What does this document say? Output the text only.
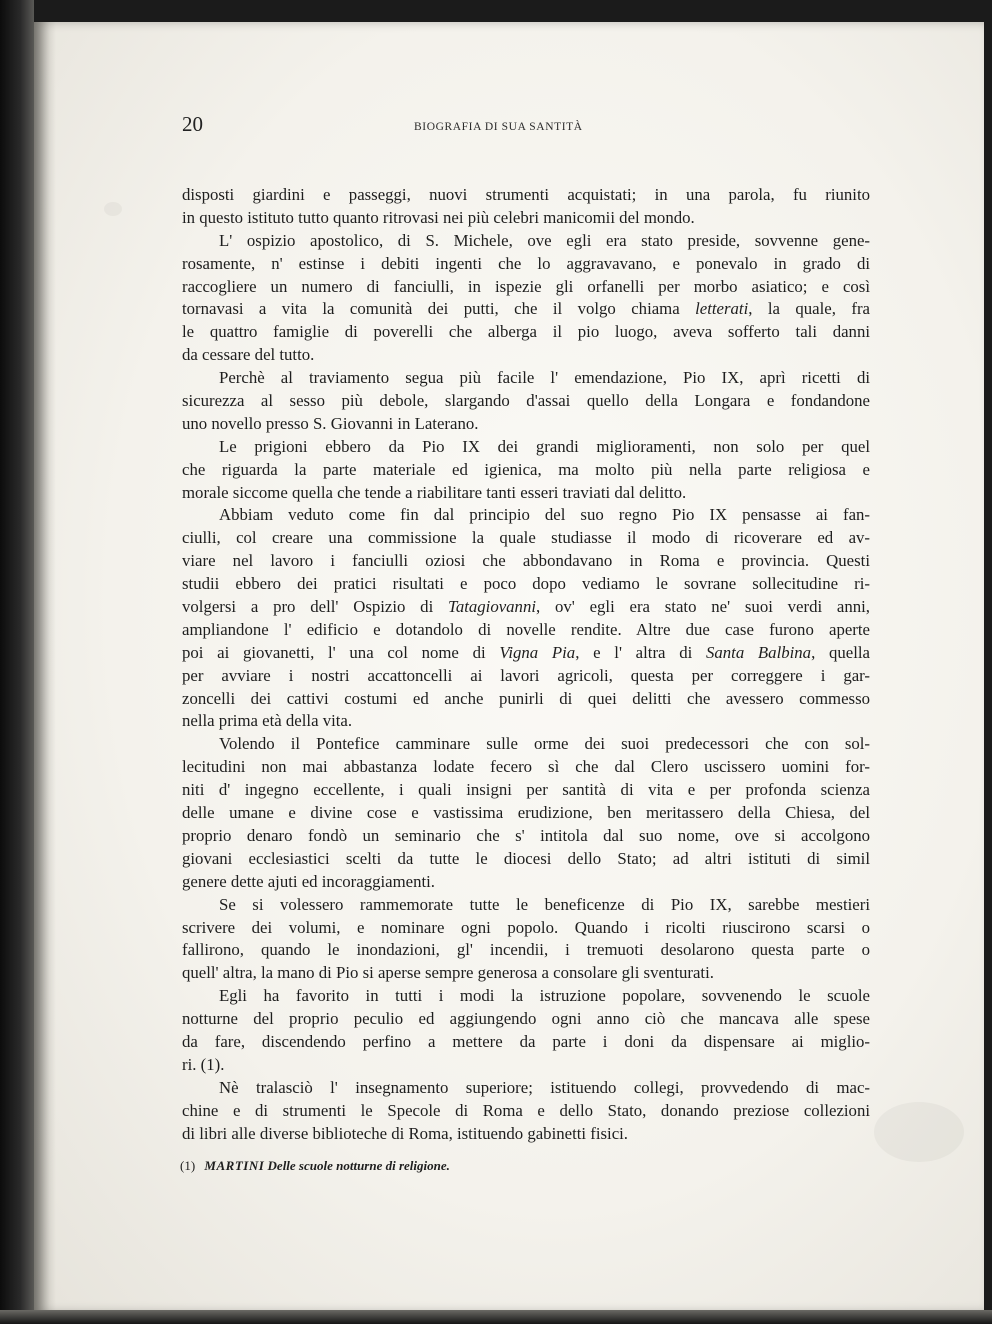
20	BIOGRAFIA DI SUA SANTITÀ
disposti giardini e passeggi, nuovi strumenti acquistati; in una parola, fu riunito
in questo istituto tutto quanto ritrovasi nei più celebri manicomii del mondo.
L' ospizio apostolico, di S. Michele, ove egli era stato preside, sovvenne gene-
rosamente, n' estinse i debiti ingenti che lo aggravavano, e ponevalo in grado di
raccogliere un numero di fanciulli, in ispezie gli orfanelli per morbo asiatico; e così
tornavasi a vita la comunità dei putti, che il volgo chiama letterati, la quale, fra
le quattro famiglie di poverelli che alberga il pio luogo, aveva sofferto tali danni
da cessare del tutto.
Perchè al traviamento segua più facile l' emendazione, Pio IX, aprì ricetti di
sicurezza al sesso più debole, slargando d'assai quello della Longara e fondandone
uno novello presso S. Giovanni in Laterano.
Le prigioni ebbero da Pio IX dei grandi miglioramenti, non solo per quel
che riguarda la parte materiale ed igienica, ma molto più nella parte religiosa e
morale siccome quella che tende a riabilitare tanti esseri traviati dal delitto.
Abbiam veduto come fin dal principio del suo regno Pio IX pensasse ai fan-
ciulli, col creare una commissione la quale studiasse il modo di ricoverare ed av-
viare nel lavoro i fanciulli oziosi che abbondavano in Roma e provincia. Questi
studii ebbero dei pratici risultati e poco dopo vediamo le sovrane sollecitudine ri-
volgersi a pro dell' Ospizio di Tatagiovanni, ov' egli era stato ne' suoi verdi anni,
ampliandone l' edificio e dotandolo di novelle rendite. Altre due case furono aperte
poi ai giovanetti, l' una col nome di Vigna Pia, e l' altra di Santa Balbina, quella
per avviare i nostri accattoncelli ai lavori agricoli, questa per correggere i gar-
zoncelli dei cattivi costumi ed anche punirli di quei delitti che avessero commesso
nella prima età della vita.
Volendo il Pontefice camminare sulle orme dei suoi predecessori che con sol-
lecitudini non mai abbastanza lodate fecero sì che dal Clero uscissero uomini for-
niti d' ingegno eccellente, i quali insigni per santità di vita e per profonda scienza
delle umane e divine cose e vastissima erudizione, ben meritassero della Chiesa, del
proprio denaro fondò un seminario che s' intitola dal suo nome, ove si accolgono
giovani ecclesiastici scelti da tutte le diocesi dello Stato; ad altri istituti di simil
genere dette ajuti ed incoraggiamenti.
Se si volessero rammemorate tutte le beneficenze di Pio IX, sarebbe mestieri
scrivere dei volumi, e nominare ogni popolo. Quando i ricolti riuscirono scarsi o
fallirono, quando le inondazioni, gl' incendii, i tremuoti desolarono questa parte o
quell' altra, la mano di Pio si aperse sempre generosa a consolare gli sventurati.
Egli ha favorito in tutti i modi la istruzione popolare, sovvenendo le scuole
notturne del proprio peculio ed aggiungendo ogni anno ciò che mancava alle spese
da fare, discendendo perfino a mettere da parte i doni da dispensare ai miglio-
ri. (1).
Nè tralasciò l' insegnamento superiore; istituendo collegi, provvedendo di mac-
chine e di strumenti le Specole di Roma e dello Stato, donando preziose collezioni
di libri alle diverse biblioteche di Roma, istituendo gabinetti fisici.
(1) MARTINI Delle scuole notturne di religione.
